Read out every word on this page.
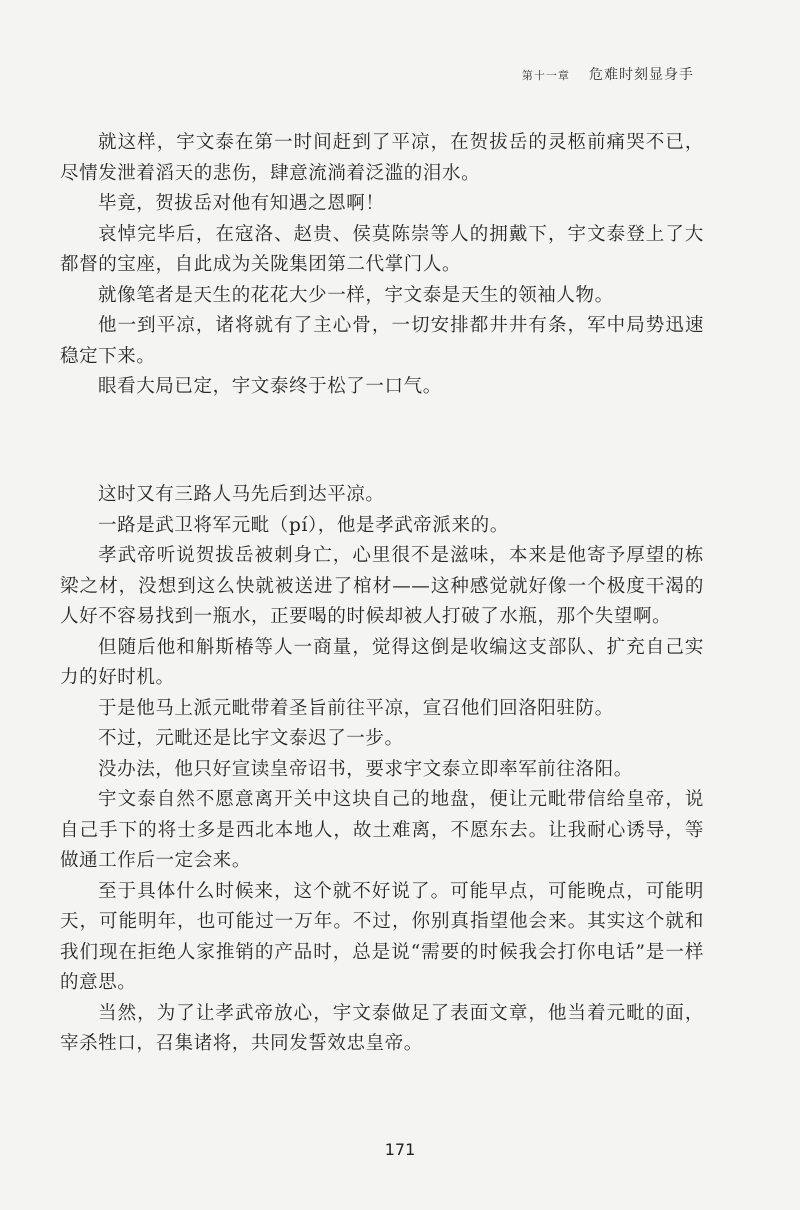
第十一章 危难时刻显身手

就这样，宇文泰在第一时间赶到了平凉，在贺拔岳的灵柩前痛哭不已，尽情发泄着滔天的悲伤，肆意流淌着泛滥的泪水。

毕竟，贺拔岳对他有知遇之恩啊！

哀悼完毕后，在寇洛、赵贵、侯莫陈崇等人的拥戴下，宇文泰登上了大都督的宝座，自此成为关陇集团第二代掌门人。

就像笔者是天生的花花大少一样，宇文泰是天生的领袖人物。

他一到平凉，诸将就有了主心骨，一切安排都井井有条，军中局势迅速稳定下来。

眼看大局已定，宇文泰终于松了一口气。

这时又有三路人马先后到达平凉。

一路是武卫将军元毗（pí），他是孝武帝派来的。

孝武帝听说贺拔岳被刺身亡，心里很不是滋味，本来是他寄予厚望的栋梁之材，没想到这么快就被送进了棺材——这种感觉就好像一个极度干渴的人好不容易找到一瓶水，正要喝的时候却被人打破了水瓶，那个失望啊。

但随后他和斛斯椿等人一商量，觉得这倒是收编这支部队、扩充自己实力的好时机。

于是他马上派元毗带着圣旨前往平凉，宣召他们回洛阳驻防。

不过，元毗还是比宇文泰迟了一步。

没办法，他只好宣读皇帝诏书，要求宇文泰立即率军前往洛阳。

宇文泰自然不愿意离开关中这块自己的地盘，便让元毗带信给皇帝，说自己手下的将士多是西北本地人，故土难离，不愿东去。让我耐心诱导，等做通工作后一定会来。

至于具体什么时候来，这个就不好说了。可能早点，可能晚点，可能明天，可能明年，也可能过一万年。不过，你别真指望他会来。其实这个就和我们现在拒绝人家推销的产品时，总是说“需要的时候我会打你电话”是一样的意思。

当然，为了让孝武帝放心，宇文泰做足了表面文章，他当着元毗的面，宰杀牲口，召集诸将，共同发誓效忠皇帝。

171
